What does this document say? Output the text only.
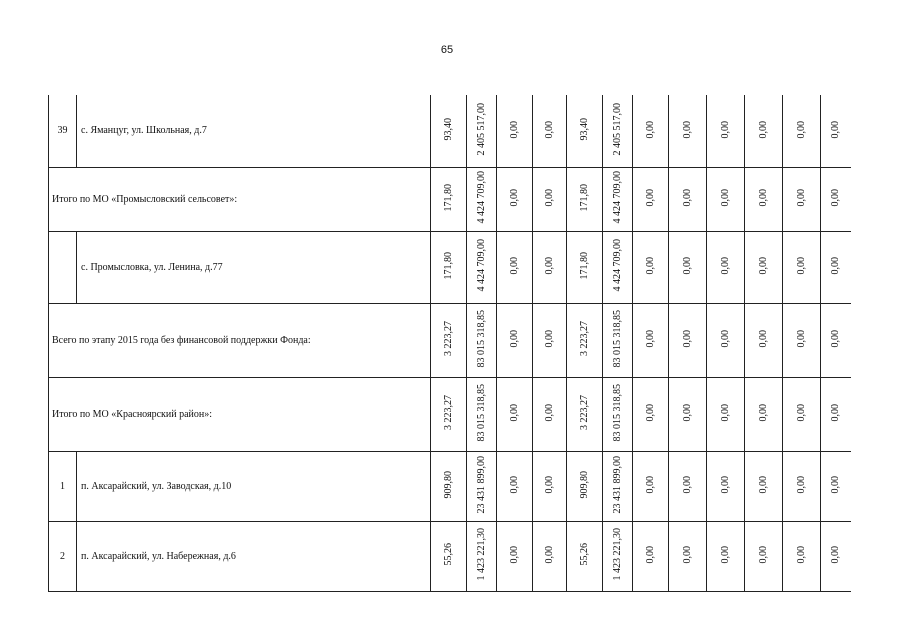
65
39	с. Яманцуг, ул. Школьная, д.7	93,40	2 405 517,00	0,00	0,00	93,40	2 405 517,00	0,00	0,00	0,00	0,00	0,00	0,00
Итого по МО «Промысловский сельсовет»:		171,80	4 424 709,00	0,00	0,00	171,80	4 424 709,00	0,00	0,00	0,00	0,00	0,00	0,00
	с. Промысловка, ул. Ленина, д.77	171,80	4 424 709,00	0,00	0,00	171,80	4 424 709,00	0,00	0,00	0,00	0,00	0,00	0,00
Всего по этапу 2015 года без финансовой поддержки Фонда:		3 223,27	83 015 318,85	0,00	0,00	3 223,27	83 015 318,85	0,00	0,00	0,00	0,00	0,00	0,00
Итого по МО «Красноярский район»:		3 223,27	83 015 318,85	0,00	0,00	3 223,27	83 015 318,85	0,00	0,00	0,00	0,00	0,00	0,00
1	п. Аксарайский, ул. Заводская, д.10	909,80	23 431 899,00	0,00	0,00	909,80	23 431 899,00	0,00	0,00	0,00	0,00	0,00	0,00
2	п. Аксарайский, ул. Набережная, д.6	55,26	1 423 221,30	0,00	0,00	55,26	1 423 221,30	0,00	0,00	0,00	0,00	0,00	0,00
